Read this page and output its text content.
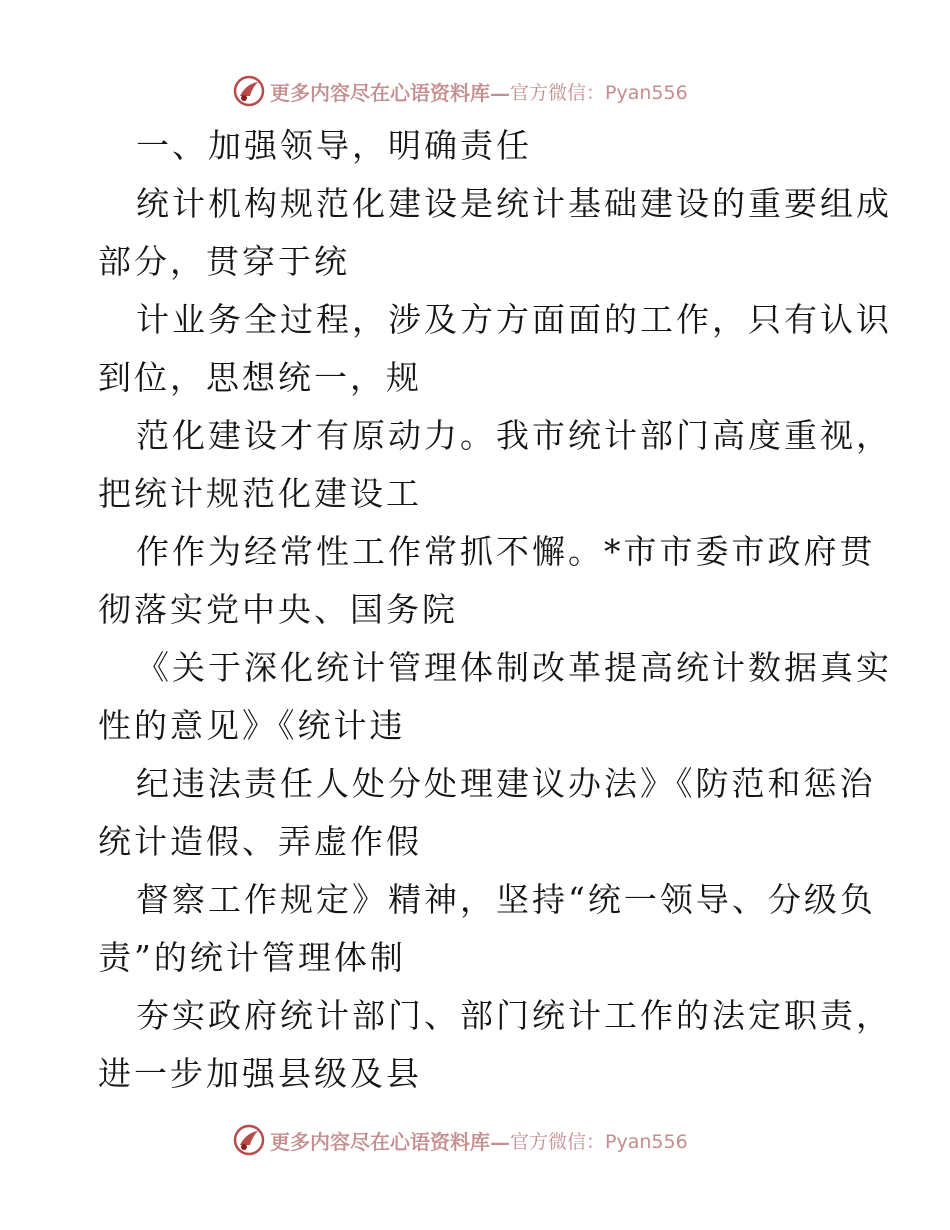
更多内容尽在心语资料库— 官方微信：Pyan556
一、加强领导，明确责任
统计机构规范化建设是统计基础建设的重要组成
部分，贯穿于统
计业务全过程，涉及方方面面的工作，只有认识
到位，思想统一，规
范化建设才有原动力。我市统计部门高度重视，
把统计规范化建设工
作作为经常性工作常抓不懈。*市市委市政府贯
彻落实党中央、国务院
《关于深化统计管理体制改革提高统计数据真实
性的意见》《统计违
纪违法责任人处分处理建议办法》《防范和惩治
统计造假、弄虚作假
督察工作规定》精神，坚持“统一领导、分级负
责”的统计管理体制
夯实政府统计部门、部门统计工作的法定职责，
进一步加强县级及县
更多内容尽在心语资料库— 官方微信：Pyan556
